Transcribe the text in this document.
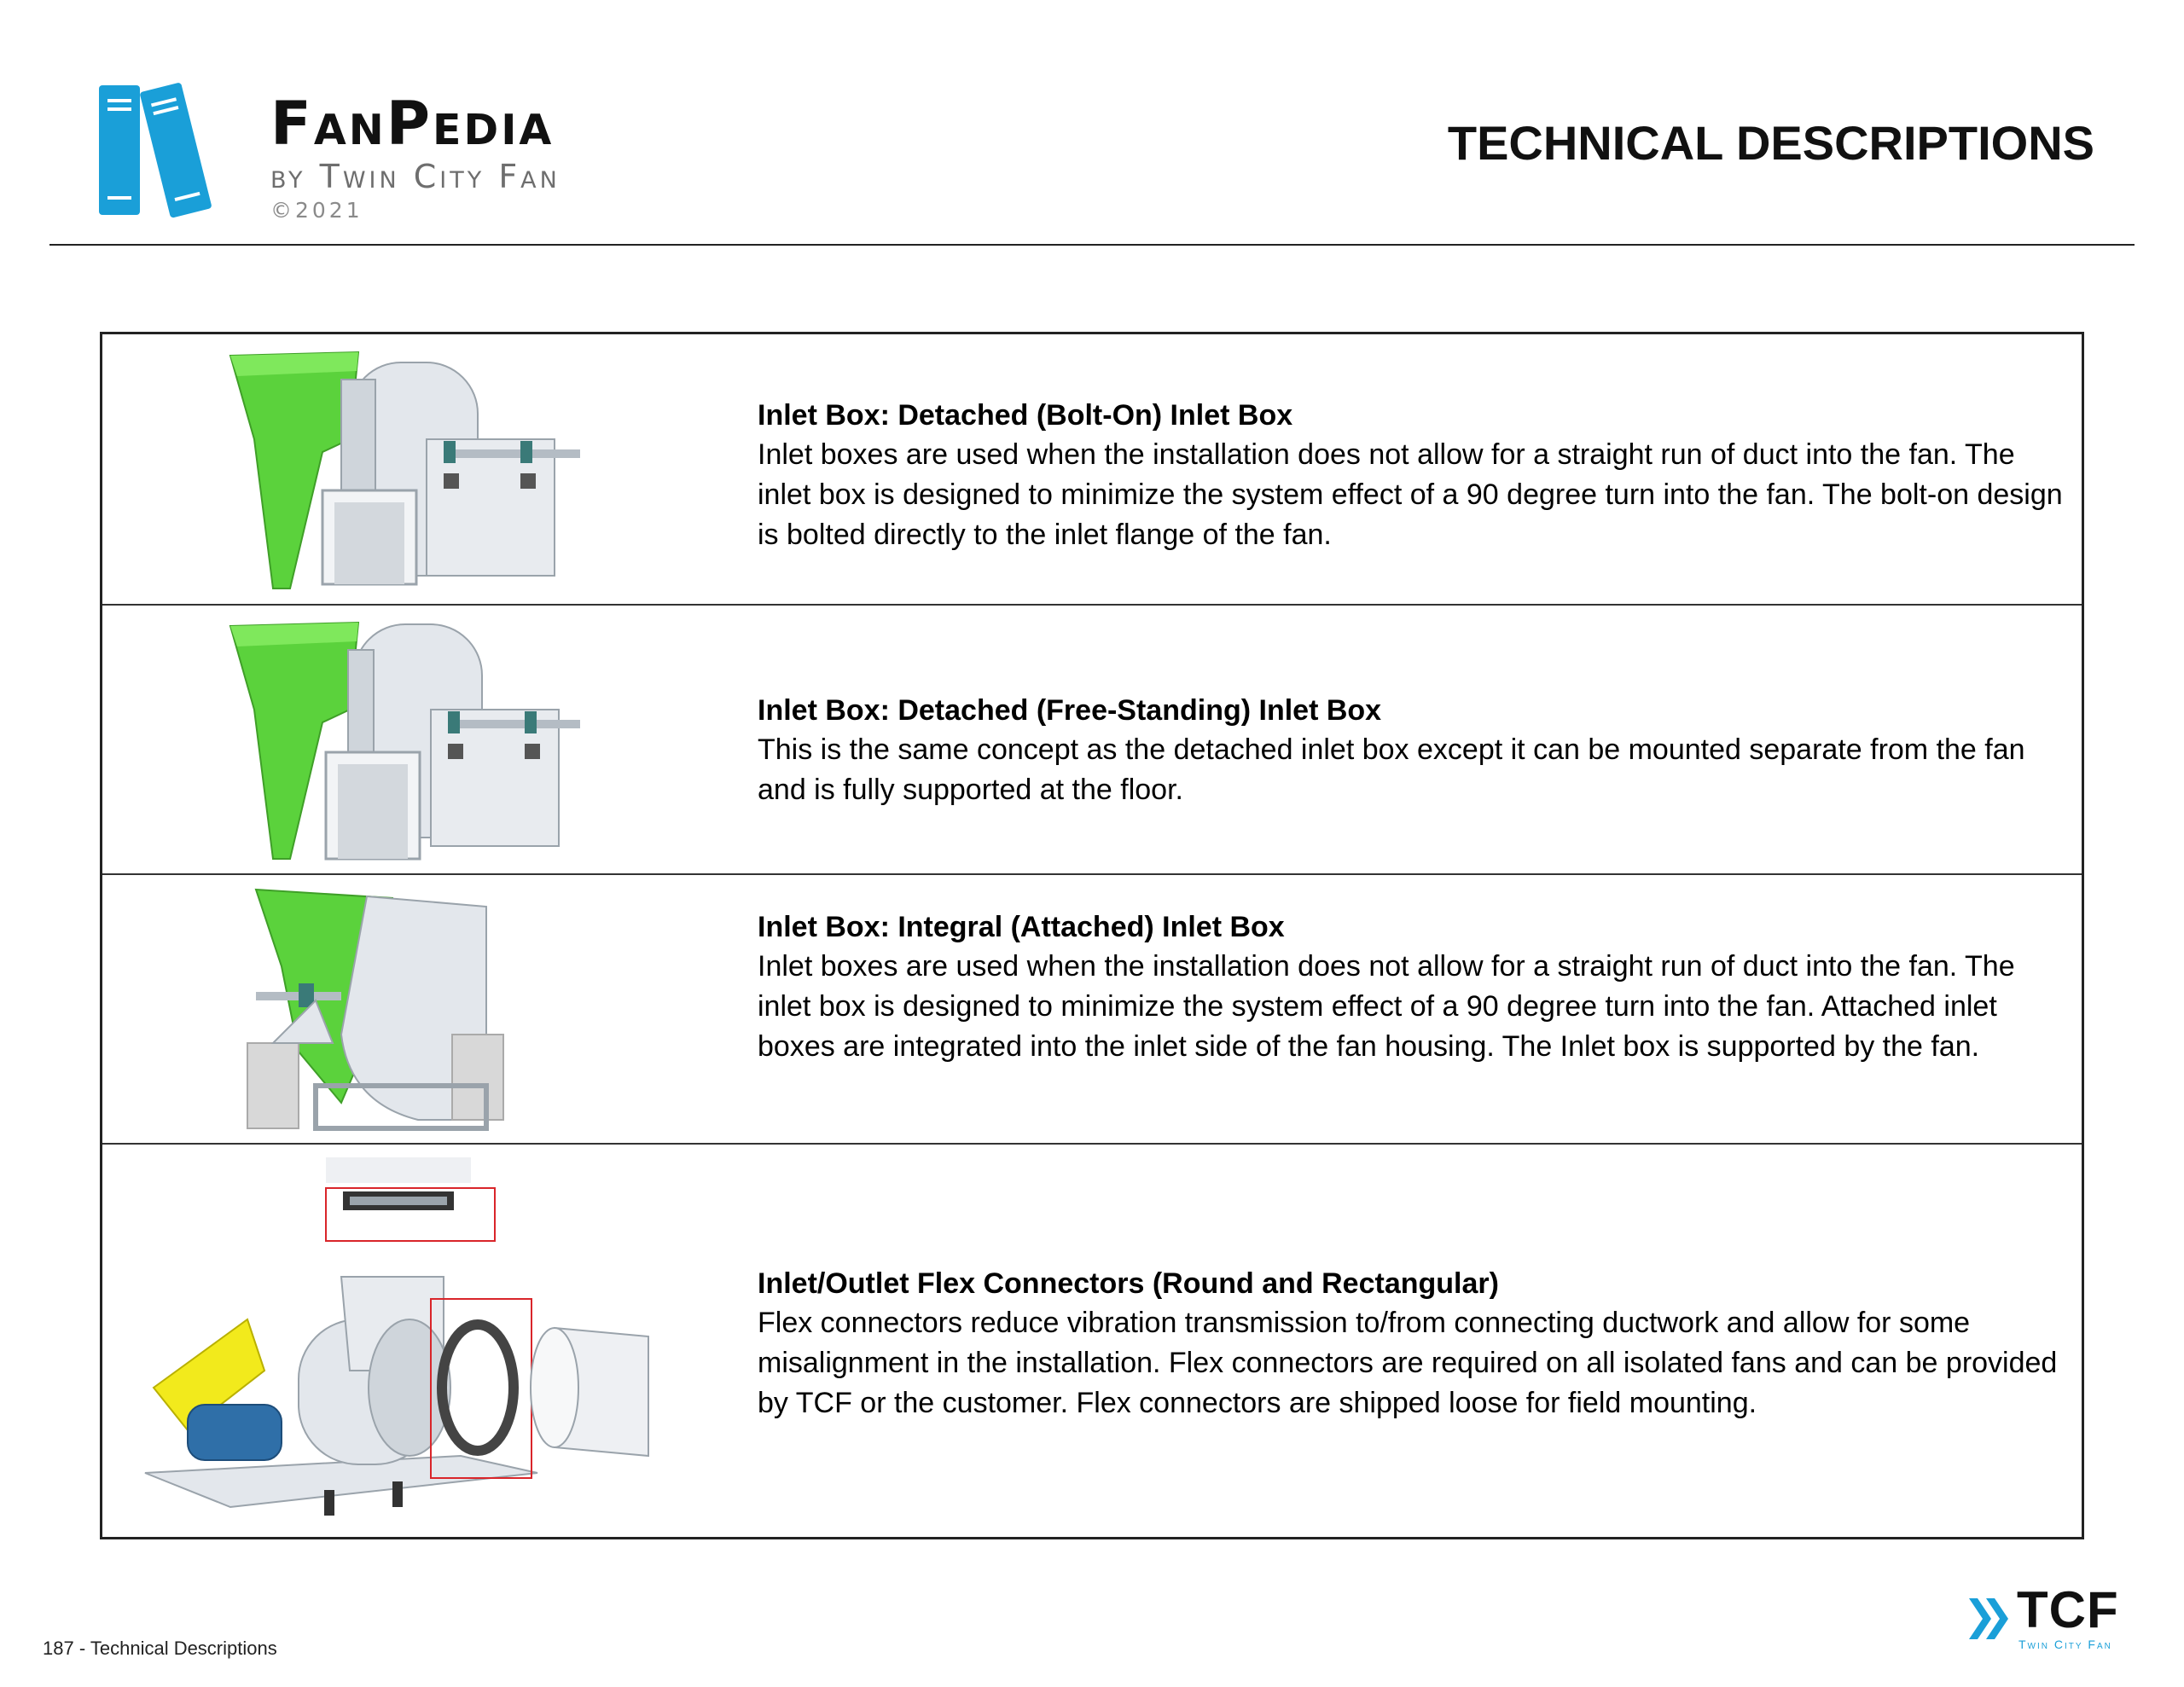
FanPedia
by Twin City Fan
©2021
TECHNICAL DESCRIPTIONS

Inlet Box: Detached (Bolt-On) Inlet Box

Inlet boxes are used when the installation does not allow for a straight run of duct into the fan. The inlet box is designed to minimize the system effect of a 90 degree turn into the fan. The bolt-on design is bolted directly to the inlet flange of the fan.

Inlet Box: Detached (Free-Standing) Inlet Box

This is the same concept as the detached inlet box except it can be mounted separate from the fan and is fully supported at the floor.

Inlet Box: Integral (Attached) Inlet Box

Inlet boxes are used when the installation does not allow for a straight run of duct into the fan. The inlet box is designed to minimize the system effect of a 90 degree turn into the fan. Attached inlet boxes are integrated into the inlet side of the fan housing. The Inlet box is supported by the fan.

Inlet/Outlet Flex Connectors (Round and Rectangular)

Flex connectors reduce vibration transmission to/from connecting ductwork and allow for some misalignment in the installation. Flex connectors are required on all isolated fans and can be provided by TCF or the customer. Flex connectors are shipped loose for field mounting.

187 - Technical Descriptions
TCF
Twin City Fan
